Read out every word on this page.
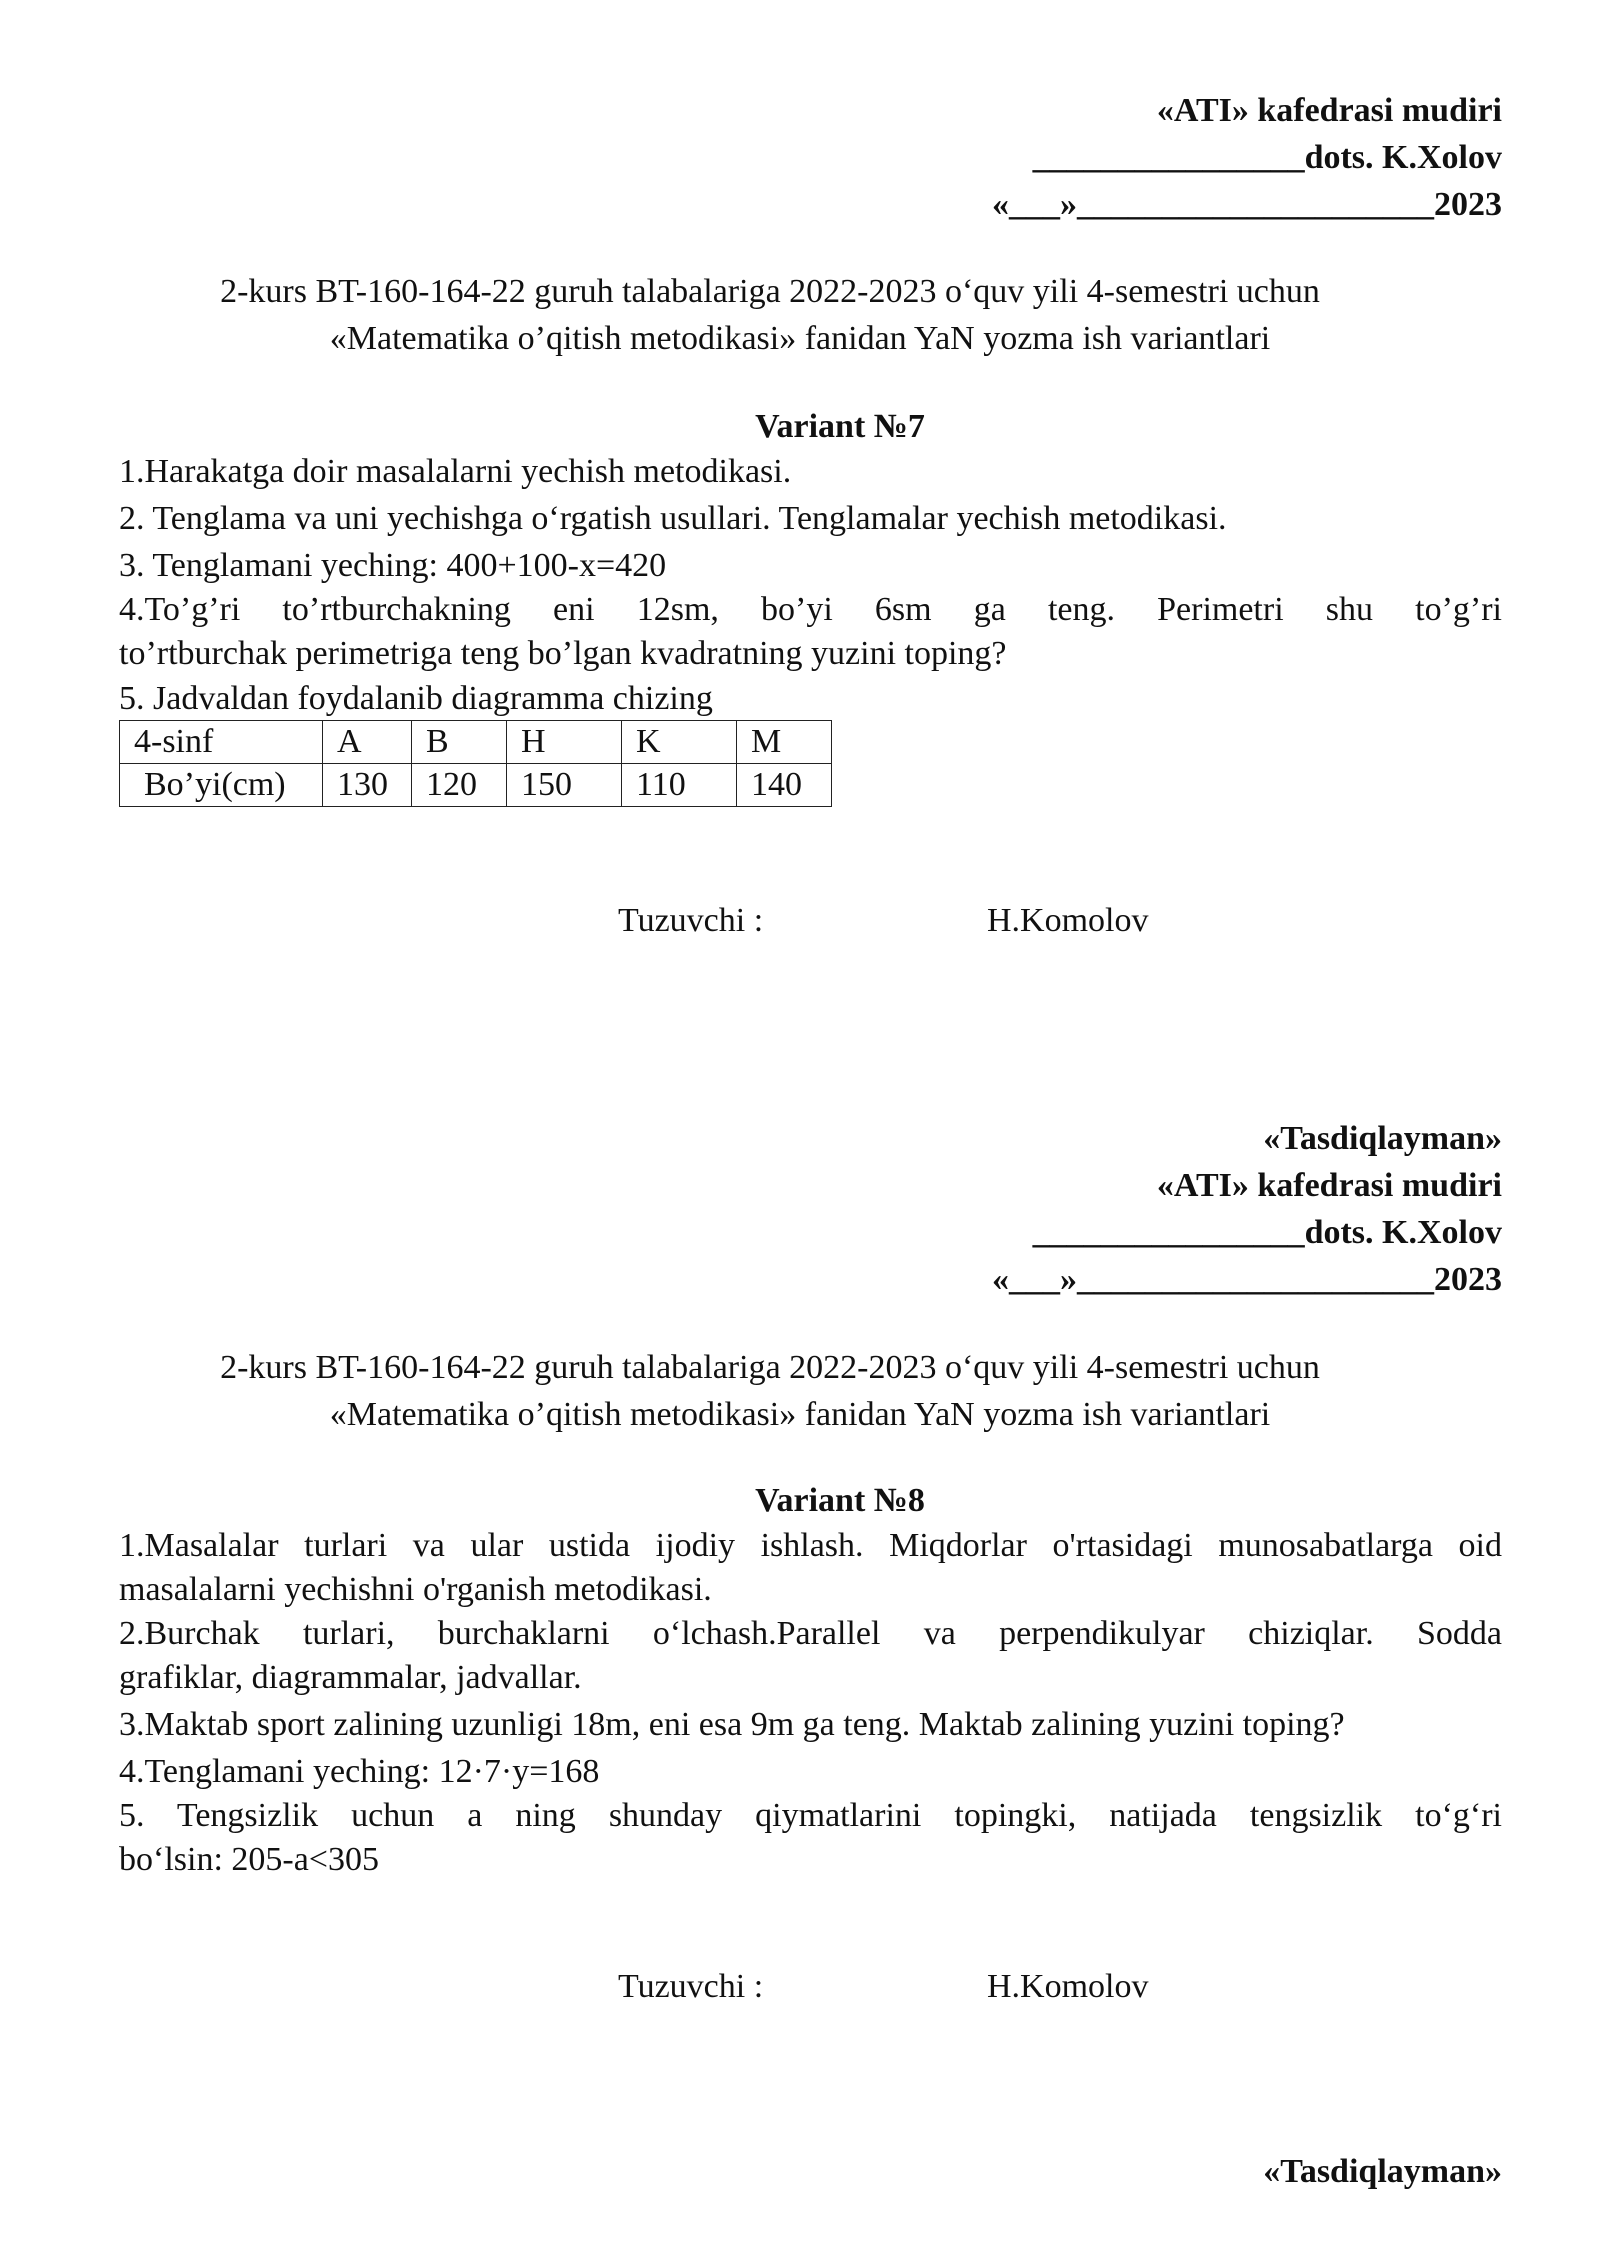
«ATI» kafedrasi mudiri
________________dots. K.Xolov
«___»_____________________2023
2-kurs BT-160-164-22 guruh talabalariga 2022-2023 o‘quv yili 4-semestri uchun
«Matematika o’qitish metodikasi» fanidan YaN yozma ish variantlari
Variant №7
1.Harakatga doir masalalarni yechish metodikasi.
2. Tenglama va uni yechishga o‘rgatish usullari. Tenglamalar yechish metodikasi.
3. Tenglamani yeching: 400+100-x=420
4.To’g’ri to’rtburchakning eni 12sm, bo’yi 6sm ga teng. Perimetri shu to’g’ri
to’rtburchak perimetriga teng bo’lgan kvadratning yuzini toping?
5. Jadvaldan foydalanib diagramma chizing
4-sinf	A	B	H	K	M
Bo’yi(cm)	130	120	150	110	140
Tuzuvchi :	H.Komolov
«Tasdiqlayman»
«ATI» kafedrasi mudiri
________________dots. K.Xolov
«___»_____________________2023
2-kurs BT-160-164-22 guruh talabalariga 2022-2023 o‘quv yili 4-semestri uchun
«Matematika o’qitish metodikasi» fanidan YaN yozma ish variantlari
Variant №8
1.Masalalar turlari va ular ustida ijodiy ishlash. Miqdorlar o'rtasidagi munosabatlarga oid
masalalarni yechishni o'rganish metodikasi.
2.Burchak turlari, burchaklarni o‘lchash.Parallel va perpendikulyar chiziqlar. Sodda
grafiklar, diagrammalar, jadvallar.
3.Maktab sport zalining uzunligi 18m, eni esa 9m ga teng. Maktab zalining yuzini toping?
4.Tenglamani yeching: 12·7·y=168
5. Tengsizlik uchun a ning shunday qiymatlarini topingki, natijada tengsizlik to‘g‘ri
bo‘lsin: 205-a<305
Tuzuvchi :	H.Komolov
«Tasdiqlayman»
